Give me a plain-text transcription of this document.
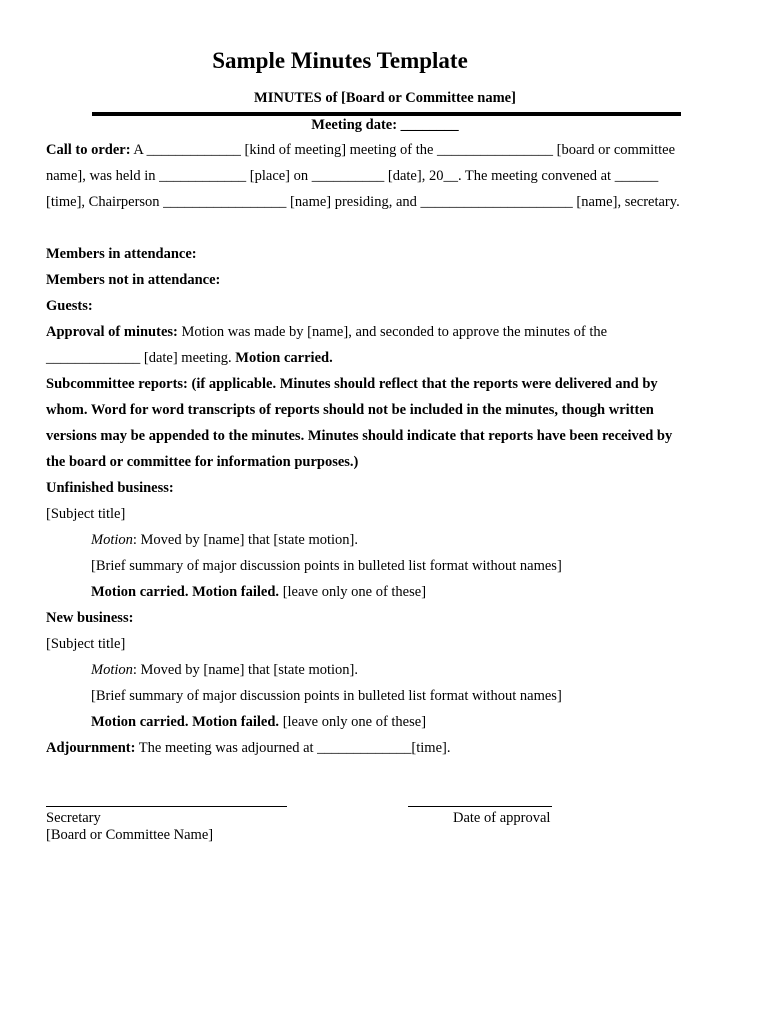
Sample Minutes Template
MINUTES of [Board or Committee name]
Meeting date: ________
Call to order: A _____________ [kind of meeting] meeting of the ________________ [board or committee
name], was held in ____________ [place] on __________ [date], 20__. The meeting convened at ______
[time], Chairperson _________________ [name] presiding, and _____________________ [name], secretary.
Members in attendance:
Members not in attendance:
Guests:
Approval of minutes: Motion was made by [name], and seconded to approve the minutes of the
_____________ [date] meeting. Motion carried.
Subcommittee reports: (if applicable. Minutes should reflect that the reports were delivered and by
whom. Word for word transcripts of reports should not be included in the minutes, though written
versions may be appended to the minutes. Minutes should indicate that reports have been received by
the board or committee for information purposes.)
Unfinished business:
[Subject title]
Motion: Moved by [name] that [state motion].
[Brief summary of major discussion points in bulleted list format without names]
Motion carried. Motion failed. [leave only one of these]
New business:
[Subject title]
Motion: Moved by [name] that [state motion].
[Brief summary of major discussion points in bulleted list format without names]
Motion carried. Motion failed. [leave only one of these]
Adjournment: The meeting was adjourned at _____________[time].
Secretary
[Board or Committee Name]
Date of approval
